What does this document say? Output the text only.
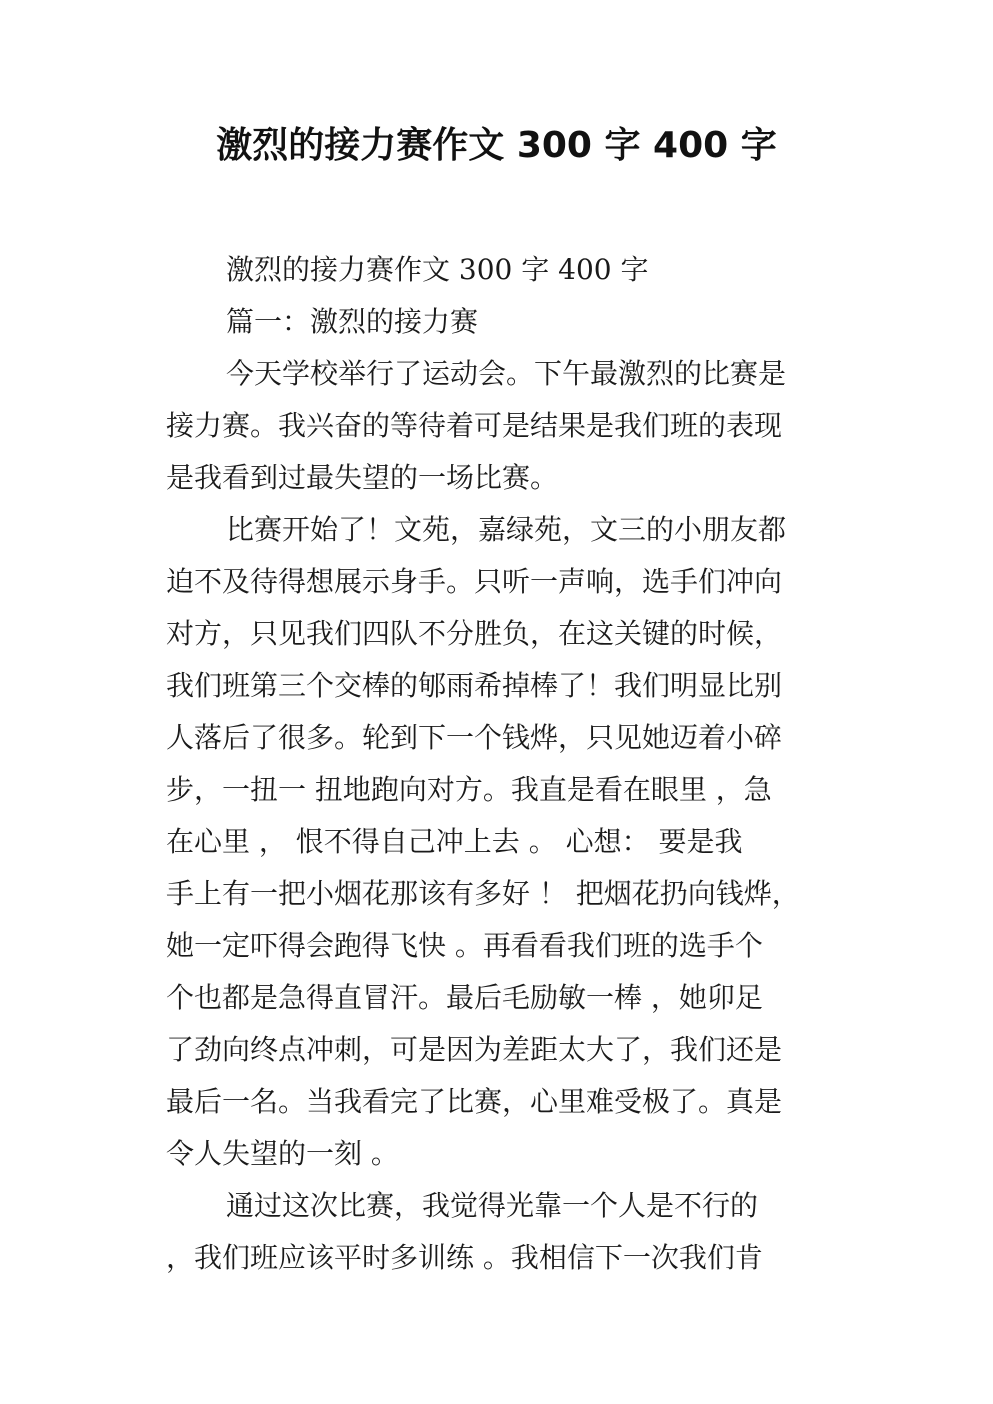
激烈的接力赛作文 300 字 400 字
激烈的接力赛作文 300 字 400 字
篇一：激烈的接力赛
今天学校举行了运动会。下午最激烈的比赛是
接力赛。我兴奋的等待着可是结果是我们班的表现
是我看到过最失望的一场比赛。
比赛开始了！文苑，嘉绿苑，文三的小朋友都
迫不及待得想展示身手。只听一声响，选手们冲向
对方，只见我们四队不分胜负，在这关键的时候，
我们班第三个交棒的郇雨希掉棒了！我们明显比别
人落后了很多。轮到下一个钱烨，只见她迈着小碎
步，一扭一 扭地跑向对方。我直是看在眼里 ，急
在心里 ， 恨不得自己冲上去 。 心想： 要是我
手上有一把小烟花那该有多好 ！ 把烟花扔向钱烨，
她一定吓得会跑得飞快 。再看看我们班的选手个
个也都是急得直冒汗。最后毛励敏一棒 ，她卯足
了劲向终点冲刺，可是因为差距太大了，我们还是
最后一名。当我看完了比赛，心里难受极了。真是
令人失望的一刻 。
通过这次比赛，我觉得光靠一个人是不行的
，我们班应该平时多训练 。我相信下一次我们肯
